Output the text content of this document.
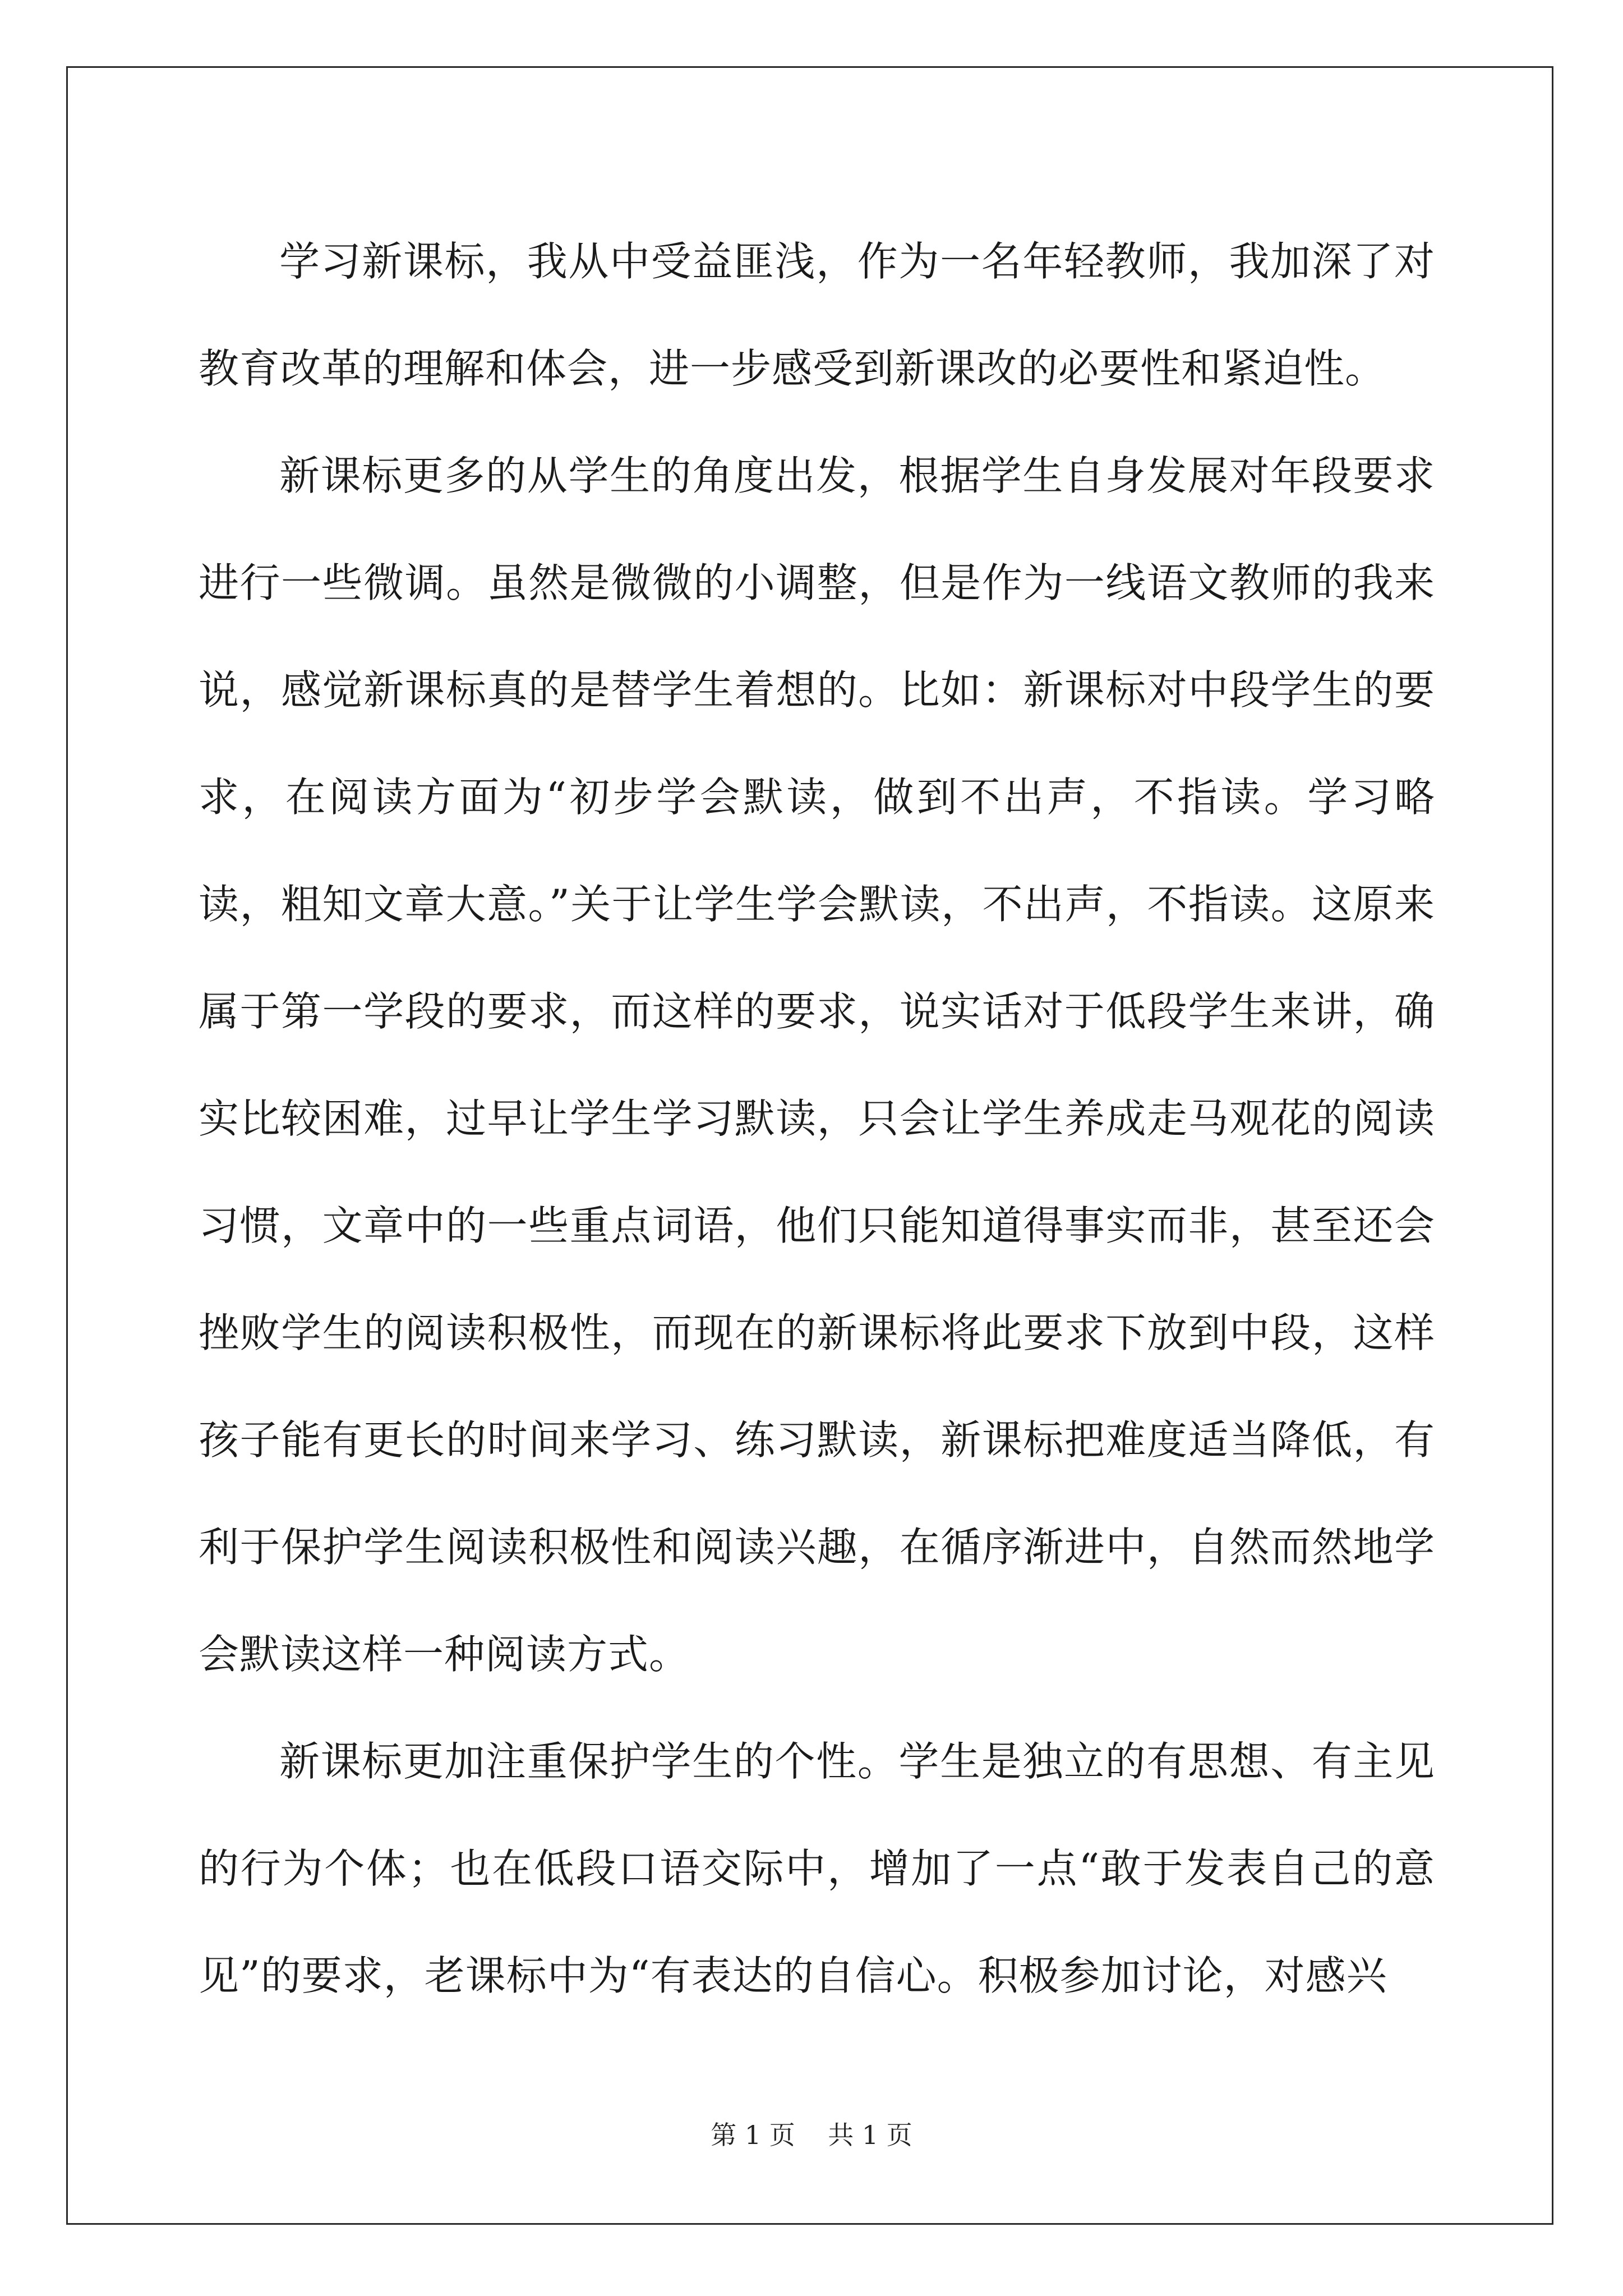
学习新课标，我从中受益匪浅，作为一名年轻教师，我加深了对教育改革的理解和体会，进一步感受到新课改的必要性和紧迫性。

新课标更多的从学生的角度出发，根据学生自身发展对年段要求进行一些微调。虽然是微微的小调整，但是作为一线语文教师的我来说，感觉新课标真的是替学生着想的。比如：新课标对中段学生的要求，在阅读方面为“初步学会默读，做到不出声，不指读。学习略读，粗知文章大意。”关于让学生学会默读，不出声，不指读。这原来属于第一学段的要求，而这样的要求，说实话对于低段学生来讲，确实比较困难，过早让学生学习默读，只会让学生养成走马观花的阅读习惯，文章中的一些重点词语，他们只能知道得事实而非，甚至还会挫败学生的阅读积极性，而现在的新课标将此要求下放到中段，这样孩子能有更长的时间来学习、练习默读，新课标把难度适当降低，有利于保护学生阅读积极性和阅读兴趣，在循序渐进中，自然而然地学会默读这样一种阅读方式。

新课标更加注重保护学生的个性。学生是独立的有思想、有主见的行为个体；也在低段口语交际中，增加了一点“敢于发表自己的意见”的要求，老课标中为“有表达的自信心。积极参加讨论，对感兴

第 1 页    共 1 页
